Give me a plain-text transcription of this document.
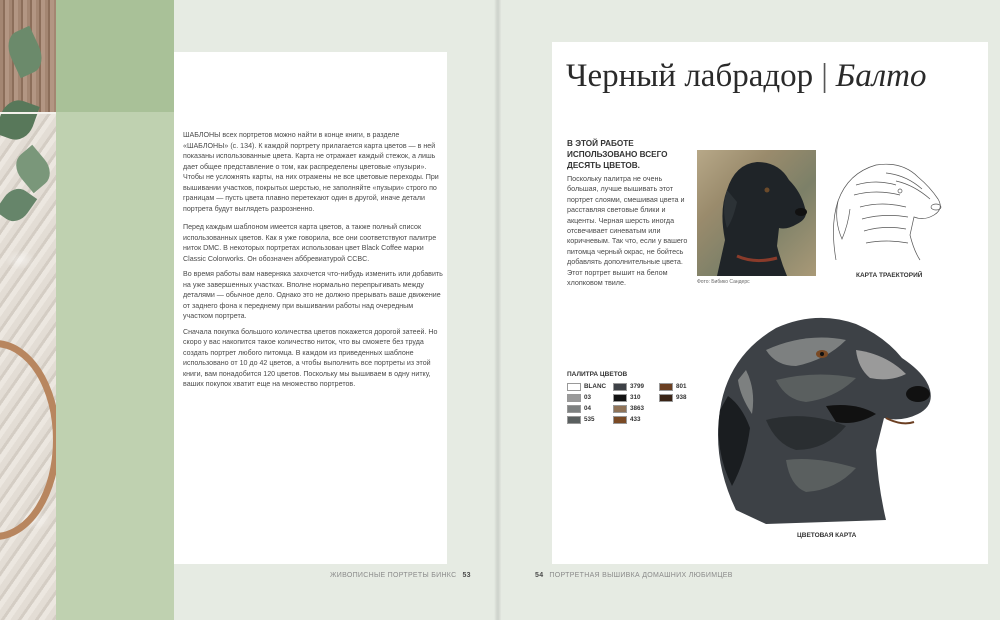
ШАБЛОНЫ всех портретов можно найти в конце книги, в разделе «ШАБЛОНЫ» (с. 134). К каждой портрету прилагается карта цветов — в ней показаны использованные цвета. Карта не отражает каждый стежок, а лишь дает общее представление о том, как распределены цветовые «пузыри». Чтобы не усложнять карты, на них отражены не все цветовые переходы. При вышивании участков, покрытых шерстью, не заполняйте «пузыри» строго по границам — пусть цвета плавно перетекают один в другой, иначе детали портрета будут выглядеть разрозненно.

Перед каждым шаблоном имеется карта цветов, а также полный список использованных цветов. Как я уже говорила, все они соответствуют палитре ниток DMC. В некоторых портретах использован цвет Black Coffee марки Classic Colorworks. Он обозначен аббревиатурой CCBC.

Во время работы вам наверняка захочется что-нибудь изменить или добавить на уже завершенных участках. Вполне нормально перепрыгивать между деталями — обычное дело. Однако это не должно прерывать ваше движение от заднего фона к переднему при вышивании работы над очередным участком портрета.

Сначала покупка большого количества цветов покажется дорогой затеей. Но скоро у вас накопится такое количество ниток, что вы сможете без труда создать портрет любого питомца. В каждом из приведенных шаблоне использовано от 10 до 42 цветов, а чтобы выполнить все портреты из этой книги, вам понадобится 120 цветов. Поскольку мы вышиваем в одну нитку, ваших покупок хватит еще на множество портретов.

ЖИВОПИСНЫЕ ПОРТРЕТЫ БИНКС 53
Черный лабрадор | Балто
В ЭТОЙ РАБОТЕ ИСПОЛЬЗОВАНО ВСЕГО ДЕСЯТЬ ЦВЕТОВ.
Поскольку палитра не очень большая, лучше вышивать этот портрет слоями, смешивая цвета и расставляя световые блики и акценты. Черная шерсть иногда отсвечивает синеватым или коричневым. Так что, если у вашего питомца черный окрас, не бойтесь добавлять дополнительные цвета. Этот портрет вышит на белом хлопковом твиле.	Фото: Бибико Сандерс
КАРТА ТРАЕКТОРИЙ
ПАЛИТРА ЦВЕТОВ
BLANC	3799	801
03	310	938
04	3863
535	433
ЦВЕТОВАЯ КАРТА
54 ПОРТРЕТНАЯ ВЫШИВКА ДОМАШНИХ ЛЮБИМЦЕВ
